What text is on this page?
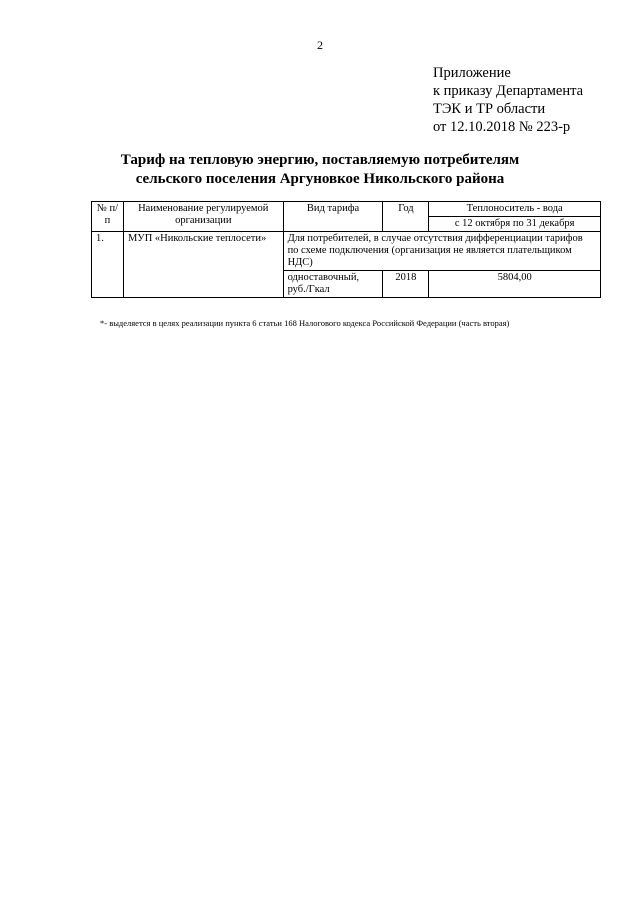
2
Приложение
к приказу Департамента
ТЭК и ТР области
от 12.10.2018 № 223-р
Тариф на тепловую энергию, поставляемую потребителям
сельского поселения Аргуновкое Никольского района
№ п/п	Наименование регулируемой организации	Вид тарифа	Год	Теплоноситель - вода
				с 12 октября по 31 декабря
1.	МУП «Никольские теплосети»	Для потребителей, в случае отсутствия дифференциации тарифов по схеме подключения (организация не является плательщиком НДС)		
		одноставочный, руб./Гкал	2018	5804,00
*- выделяется в целях реализации пункта 6 статьи 168 Налогового кодекса Российской Федерации (часть вторая)
